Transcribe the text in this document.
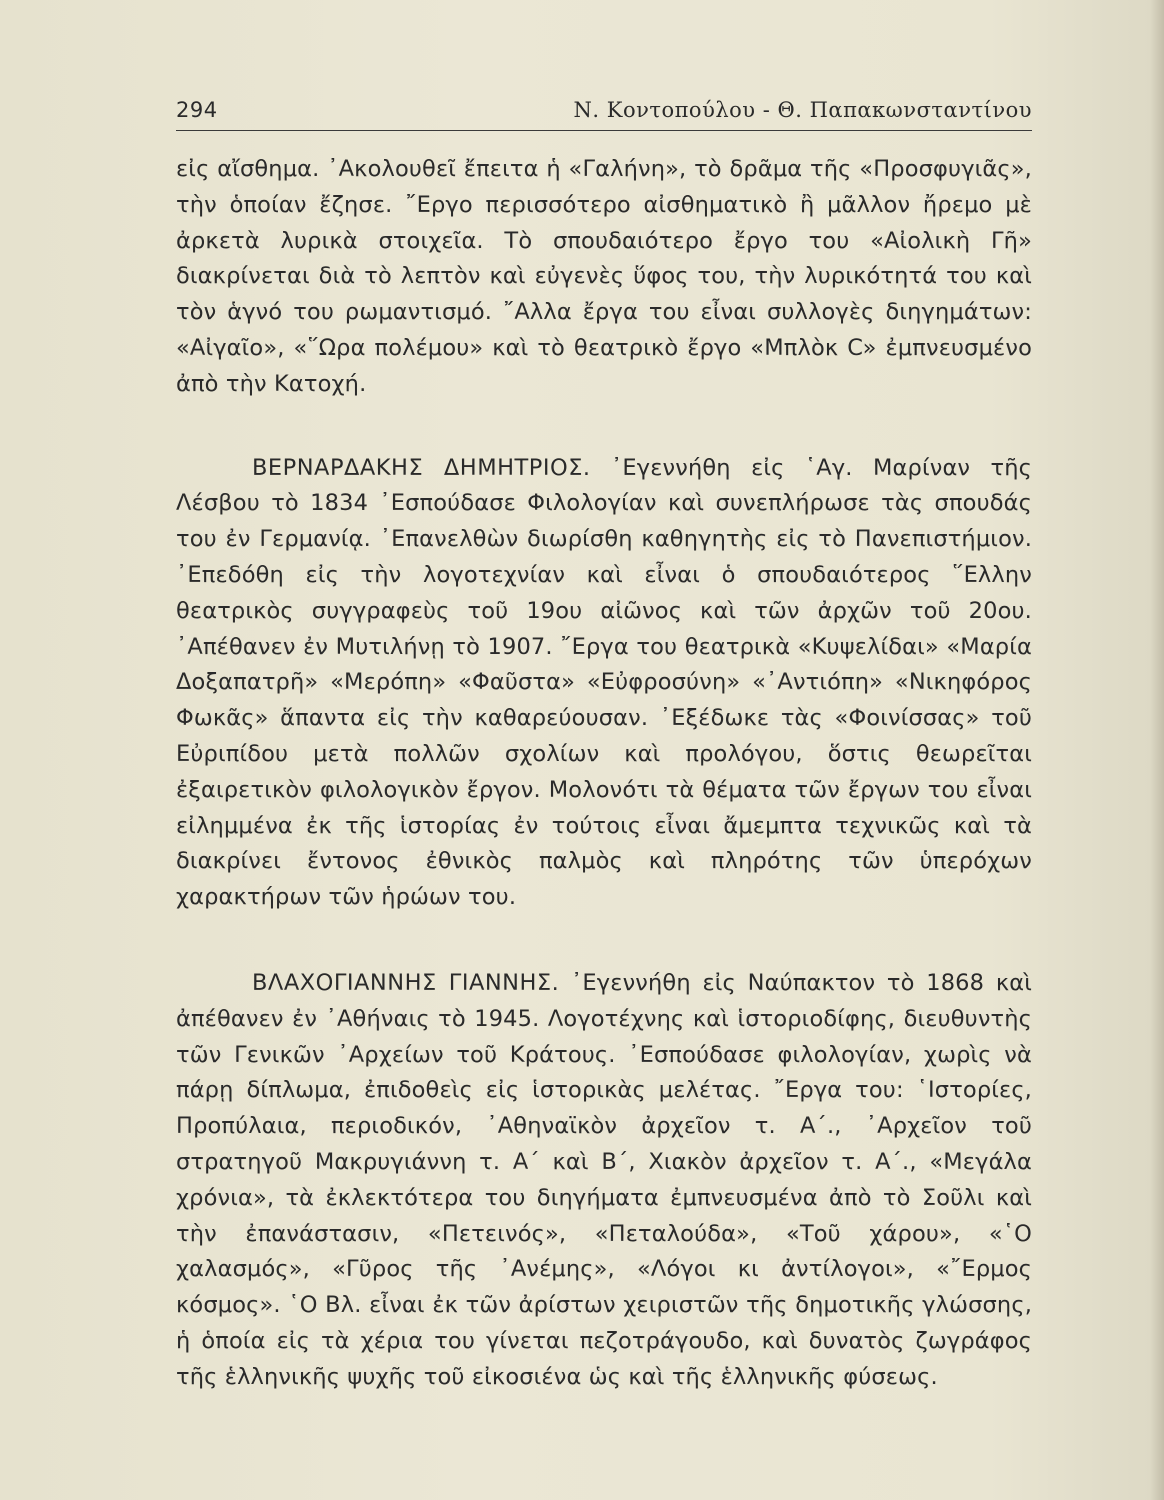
294	Ν. Κοντοπούλου - Θ. Παπακωνσταντίνου

εἰς αἴσθημα. ᾿Ακολουθεῖ ἔπειτα ἡ «Γαλήνη», τὸ δρᾶμα τῆς «Προσφυγιᾶς», τὴν ὁποίαν ἔζησε. ῎Εργο περισσότερο αἰσθηματικὸ ἢ μᾶλλον ἤρεμο μὲ ἀρκετὰ λυρικὰ στοιχεῖα. Τὸ σπουδαιότερο ἔργο του «Αἰολικὴ Γῆ» διακρίνεται διὰ τὸ λεπτὸν καὶ εὐγενὲς ὕφος του, τὴν λυρικότητά του καὶ τὸν ἁγνό του ρωμαντισμό. ῎Αλλα ἔργα του εἶναι συλλογὲς διηγημάτων: «Αἰγαῖο», «῞Ωρα πολέμου» καὶ τὸ θεατρικὸ ἔργο «Μπλὸκ C» ἐμπνευσμένο ἀπὸ τὴν Κατοχή.

ΒΕΡΝΑΡΔΑΚΗΣ ΔΗΜΗΤΡΙΟΣ. ᾿Εγεννήθη εἰς ῾Αγ. Μαρίναν τῆς Λέσβου τὸ 1834 ᾿Εσπούδασε Φιλολογίαν καὶ συνεπλήρωσε τὰς σπουδάς του ἐν Γερμανίᾳ. ᾿Επανελθὼν διωρίσθη καθηγητὴς εἰς τὸ Πανεπιστήμιον. ᾿Επεδόθη εἰς τὴν λογοτεχνίαν καὶ εἶναι ὁ σπουδαιότερος ῞Ελλην θεατρικὸς συγγραφεὺς τοῦ 19ου αἰῶνος καὶ τῶν ἀρχῶν τοῦ 20ου. ᾿Απέθανεν ἐν Μυτιλήνῃ τὸ 1907. ῎Εργα του θεατρικὰ «Κυψελίδαι» «Μαρία Δοξαπατρῆ» «Μερόπη» «Φαῦστα» «Εὐφροσύνη» «᾿Αντιόπη» «Νικηφόρος Φωκᾶς» ἅπαντα εἰς τὴν καθαρεύουσαν. ᾿Εξέδωκε τὰς «Φοινίσσας» τοῦ Εὐριπίδου μετὰ πολλῶν σχολίων καὶ προλόγου, ὅστις θεωρεῖται ἐξαιρετικὸν φιλολογικὸν ἔργον. Μολονότι τὰ θέματα τῶν ἔργων του εἶναι εἰλημμένα ἐκ τῆς ἱστορίας ἐν τούτοις εἶναι ἄμεμπτα τεχνικῶς καὶ τὰ διακρίνει ἔντονος ἐθνικὸς παλμὸς καὶ πληρότης τῶν ὑπερόχων χαρακτήρων τῶν ἡρώων του.

ΒΛΑΧΟΓΙΑΝΝΗΣ ΓΙΑΝΝΗΣ. ᾿Εγεννήθη εἰς Ναύπακτον τὸ 1868 καὶ ἀπέθανεν ἐν ᾿Αθήναις τὸ 1945. Λογοτέχνης καὶ ἱστοριοδίφης, διευθυντὴς τῶν Γενικῶν ᾿Αρχείων τοῦ Κράτους. ᾿Εσπούδασε φιλολογίαν, χωρὶς νὰ πάρῃ δίπλωμα, ἐπιδοθεὶς εἰς ἱστορικὰς μελέτας. ῎Εργα του: ῾Ιστορίες, Προπύλαια, περιοδικόν, ᾿Αθηναϊκὸν ἀρχεῖον τ. Α΄., ᾿Αρχεῖον τοῦ στρατηγοῦ Μακρυγιάννη τ. Α΄ καὶ Β΄, Χιακὸν ἀρχεῖον τ. Α΄., «Μεγάλα χρόνια», τὰ ἐκλεκτότερα του διηγήματα ἐμπνευσμένα ἀπὸ τὸ Σοῦλι καὶ τὴν ἐπανάστασιν, «Πετεινός», «Πεταλούδα», «Τοῦ χάρου», «῾Ο χαλασμός», «Γῦρος τῆς ᾿Ανέμης», «Λόγοι κι ἀντίλογοι», «῎Ερμος κόσμος». ῾Ο Βλ. εἶναι ἐκ τῶν ἀρίστων χειριστῶν τῆς δημοτικῆς γλώσσης, ἡ ὁποία εἰς τὰ χέρια του γίνεται πεζοτράγουδο, καὶ δυνατὸς ζωγράφος τῆς ἑλληνικῆς ψυχῆς τοῦ εἰκοσιένα ὡς καὶ τῆς ἑλληνικῆς φύσεως.
